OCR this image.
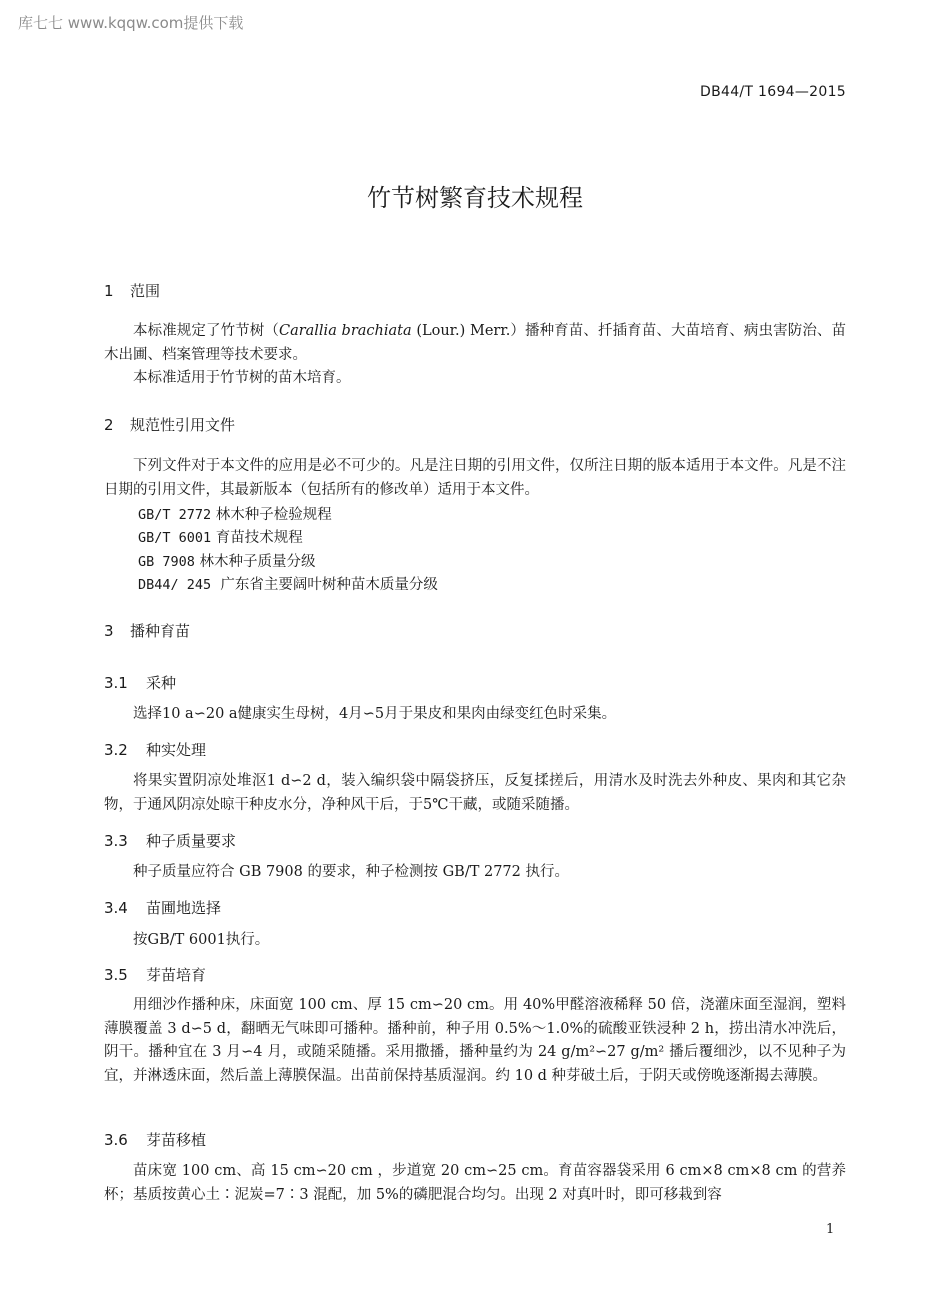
库七七 www.kqqw.com提供下载
DB44/T 1694—2015
竹节树繁育技术规程
1 范围
本标准规定了竹节树（Carallia brachiata (Lour.) Merr.）播种育苗、扦插育苗、大苗培育、病虫害防治、苗木出圃、档案管理等技术要求。
本标准适用于竹节树的苗木培育。
2 规范性引用文件
下列文件对于本文件的应用是必不可少的。凡是注日期的引用文件，仅所注日期的版本适用于本文件。凡是不注日期的引用文件，其最新版本（包括所有的修改单）适用于本文件。
GB/T 2772 林木种子检验规程
GB/T 6001 育苗技术规程
GB 7908 林木种子质量分级
DB44/ 245 广东省主要阔叶树种苗木质量分级
3 播种育苗
3.1 采种
选择10 a∽20 a健康实生母树，4月∽5月于果皮和果肉由绿变红色时采集。
3.2 种实处理
将果实置阴凉处堆沤1 d∽2 d，装入编织袋中隔袋挤压，反复揉搓后，用清水及时洗去外种皮、果肉和其它杂物，于通风阴凉处晾干种皮水分，净种风干后，于5℃干藏，或随采随播。
3.3 种子质量要求
种子质量应符合 GB 7908 的要求，种子检测按 GB/T 2772 执行。
3.4 苗圃地选择
按GB/T 6001执行。
3.5 芽苗培育
用细沙作播种床，床面宽 100 cm、厚 15 cm∽20 cm。用 40%甲醛溶液稀释 50 倍，浇灌床面至湿润，塑料薄膜覆盖 3 d∽5 d，翻晒无气味即可播种。播种前，种子用 0.5%～1.0%的硫酸亚铁浸种 2 h，捞出清水冲洗后，阴干。播种宜在 3 月∽4 月，或随采随播。采用撒播，播种量约为 24 g/m²∽27 g/m² 播后覆细沙，以不见种子为宜，并淋透床面，然后盖上薄膜保温。出苗前保持基质湿润。约 10 d 种芽破土后，于阴天或傍晚逐渐揭去薄膜。
3.6 芽苗移植
苗床宽 100 cm、高 15 cm∽20 cm ，步道宽 20 cm∽25 cm。育苗容器袋采用 6 cm×8 cm×8 cm 的营养杯；基质按黄心土∶泥炭=7∶3 混配，加 5%的磷肥混合均匀。出现 2 对真叶时，即可移栽到容
1
